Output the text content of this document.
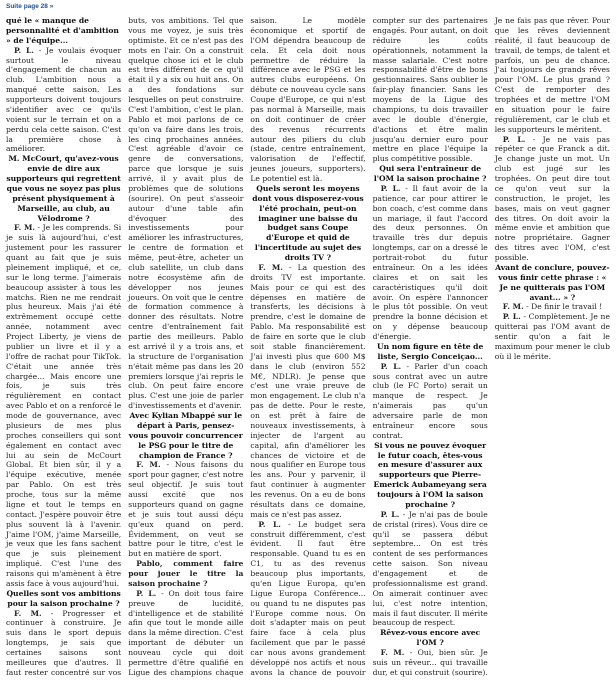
Suite page 28 »

qué le « manque de personnalité et d'ambition » de l'équipe...

P. L. - Je voulais évoquer surtout le niveau d'engagement de chacun au club. L'ambition nous a manqué cette saison. Les supporteurs doivent toujours s'identifier avec ce qu'ils voient sur le terrain et on a perdu cela cette saison. C'est la première chose à améliorer.

M. McCourt, qu'avez-vous envie de dire aux supporteurs qui regrettent que vous ne soyez pas plus présent physiquement à Marseille, au club, au Vélodrome ?

F. M. - Je les comprends. Si je suis là aujourd'hui, c'est justement pour les rassurer quant au fait que je suis pleinement impliqué, et ce, sur le long terme. J'aimerais beaucoup assister à tous les matchs. Rien ne me rendrait plus heureux. Mais j'ai été extrêmement occupé cette année, notamment avec Project Liberty, je viens de publier un livre et il y a l'offre de rachat pour TikTok. C'était une année très chargée... Mais encore une fois, je suis très régulièrement en contact avec Pablo et on a renforcé le mode de gouvernance, avec plusieurs de mes plus proches conseillers qui sont également en contact avec lui au sein de McCourt Global. Et bien sûr, il y a l'équipe exécutive, menée par Pablo. On est très proche, tous sur la même ligne et tout le temps en contact. J'espère pouvoir être plus souvent là à l'avenir. J'aime l'OM, j'aime Marseille, je veux que les fans sachent que je suis pleinement impliqué. C'est l'une des raisons qui m'amènent à être assis face à vous aujourd'hui.

Quelles sont vos ambitions pour la saison prochaine ?

F. M. - Progresser et continuer à construire. Je suis dans le sport depuis longtemps, je sais que certaines saisons sont meilleures que d'autres. Il faut rester concentré sur vos buts, vos ambitions. Tel que vous me voyez, je suis très optimiste. Et ce n'est pas des mots en l'air. On a construit quelque chose ici et le club est très différent de ce qu'il était il y a six ou huit ans. On a des fondations sur lesquelles on peut construire. C'est l'ambition, c'est le plan. Pablo et moi parlons de ce qu'on va faire dans les trois, les cinq prochaines années. C'est agréable d'avoir ce genre de conversations, parce que lorsque je suis arrivé, il y avait plus de problèmes que de solutions (sourire). On peut s'asseoir autour d'une table afin d'évoquer des investissements pour améliorer les infrastructures, le centre de formation et même, peut-être, acheter un club satellite, un club dans notre écosystème afin de développer nos jeunes joueurs. On voit que le centre de formation commence à donner des résultats. Notre centre d'entraînement fait partie des meilleurs. Pablo est arrivé il y a trois ans, et la structure de l'organisation n'était même pas dans les 20 premiers lorsque j'ai repris le club. On peut faire encore plus. C'est une joie de parler d'investissements et d'avenir.

Avec Kylian Mbappé sur le départ à Paris, pensez-vous pouvoir concurrencer le PSG pour le titre de champion de France ?

F. M. - Nous faisons du sport pour gagner, c'est notre seul objectif. Je suis tout aussi excité que nos supporteurs quand on gagne et je suis tout aussi déçu qu'eux quand on perd. Évidemment, on veut se battre pour le titre, c'est le but en matière de sport.

Pablo, comment faire pour jouer le titre la saison prochaine ?

P. L. - On doit tous faire preuve de lucidité, d'intelligence et de stabilité afin que tout le monde aille dans la même direction. C'est important de débuter un nouveau cycle qui doit permettre d'être qualifié en Ligue des champions chaque saison. Le modèle économique et sportif de l'OM dépendra beaucoup de cela. Et cela doit nous permettre de réduire la différence avec le PSG et les autres clubs européens. On débute ce nouveau cycle sans Coupe d'Europe, ce qui n'est pas normal à Marseille, mais on doit continuer de créer des revenus récurrents autour des piliers du club (stade, centre entraînement, valorisation de l'effectif, jeunes joueurs, supporters). Le potentiel est là.

Quels seront les moyens dont vous disposerez-vous l'été prochain, peut-on imaginer une baisse du budget sans Coupe d'Europe et quid de l'incertitude au sujet des droits TV ?

F. M. - La question des droits TV est importante. Mais pour ce qui est des dépenses en matière de transferts, les décisions à prendre, c'est le domaine de Pablo. Ma responsabilité est de faire en sorte que le club soit stable financièrement. J'ai investi plus que 600 M$ dans le club (environ 552 M€, NDLR). Je pense que c'est une vraie preuve de mon engagement. Le club n'a pas de dette. Pour le reste, on est prêt à faire de nouveaux investissements, à injecter de l'argent au capital, afin d'améliorer les chances de victoire et de nous qualifier en Europe tous les ans. Pour y parvenir, il faut continuer à augmenter les revenus. On a eu de bons résultats dans ce domaine, mais ce n'est pas assez.

P. L. - Le budget sera construit différemment, c'est évident. Il faut être responsable. Quand tu es en C1, tu as des revenus beaucoup plus importants, qu'en Ligue Europa, qu'en Ligue Europa Conférence... ou quand tu ne disputes pas l'Europe comme nous. On doit s'adapter mais on peut faire face à cela plus facilement que par le passé car nous avons grandement développé nos actifs et nous avons la chance de pouvoir compter sur des partenaires engagés. Pour autant, on doit réduire les coûts opérationnels, notamment la masse salariale. C'est notre responsabilité d'être de bons gestionnaires. Sans oublier le fair-play financier. Sans les moyens de la Ligue des champions, tu dois travailler avec le double d'énergie, d'actions et être malin jusqu'au dernier euro pour mettre en place l'équipe la plus compétitive possible.

Qui sera l'entraîneur de l'OM la saison prochaine ?

P. L. - Il faut avoir de la patience, car pour attirer le bon coach, c'est comme dans un mariage, il faut l'accord des deux personnes. On travaille très dur depuis longtemps, car on a dressé le portrait-robot du futur entraîneur. On a les idées claires et on sait les caractéristiques qu'il doit avoir. On espère l'annoncer le plus tôt possible. On veut prendre la bonne décision et on y dépense beaucoup d'énergie.

Un nom figure en tête de liste, Sergio Conceiçao...

P. L. - Parler d'un coach sous contrat avec un autre club (le FC Porto) serait un manque de respect. Je n'aimerais pas qu'un adversaire parle de mon entraîneur encore sous contrat.

Si vous ne pouvez évoquer le futur coach, êtes-vous en mesure d'assurer aux supporteurs que Pierre-Emerick Aubameyang sera toujours à l'OM la saison prochaine ?

P. L. - Je n'ai pas de boule de cristal (rires). Vous dire ce qu'il se passera début septembre... On est très content de ses performances cette saison. Son niveau d'engagement et de professionnalisme est grand. On aimerait continuer avec lui, c'est notre intention, mais il faut discuter. Il mérite beaucoup de respect.

Rêvez-vous encore avec l'OM ?

F. M. - Oui, bien sûr. Je suis un rêveur... qui travaille dur, et qui construit (sourire). Je ne fais pas que rêver. Pour que les rêves deviennent réalité, il faut beaucoup de travail, de temps, de talent et parfois, un peu de chance. J'ai toujours de grands rêves pour l'OM. Le plus grand ? C'est de remporter des trophées et de mettre l'OM en situation pour le faire régulièrement, car le club et les supporteurs le méritent.

P. L. - Je ne vais pas répéter ce que Franck a dit. Je change juste un mot. Un club est jugé sur les trophées. On peut dire tout ce qu'on veut sur la construction, le projet, les bases, mais on veut gagner des titres. On doit avoir la même envie et ambition que notre propriétaire. Gagner des titres avec l'OM, c'est possible.

Avant de conclure, pouvez-vous finir cette phrase : « Je ne quitterais pas l'OM avant... » ?

F. M. - De finir le travail !

P. L. - Complètement. Je ne quitterai pas l'OM avant de sentir qu'on a fait le maximum pour mener le club où il le mérite.
